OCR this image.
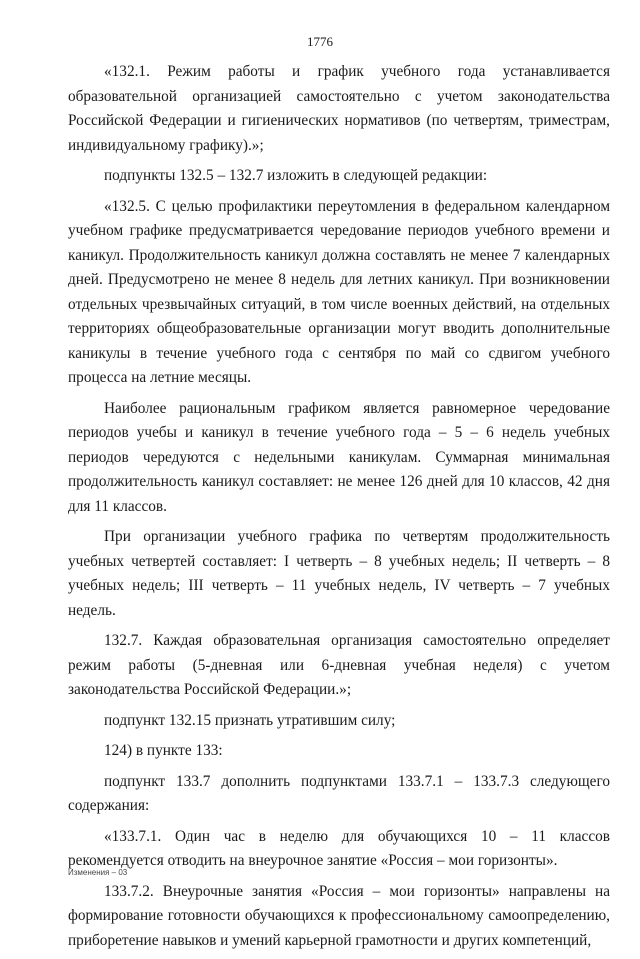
1776

«132.1. Режим работы и график учебного года устанавливается образовательной организацией самостоятельно с учетом законодательства Российской Федерации и гигиенических нормативов (по четвертям, триместрам, индивидуальному графику).»;

подпункты 132.5 – 132.7 изложить в следующей редакции:

«132.5. С целью профилактики переутомления в федеральном календарном учебном графике предусматривается чередование периодов учебного времени и каникул. Продолжительность каникул должна составлять не менее 7 календарных дней. Предусмотрено не менее 8 недель для летних каникул. При возникновении отдельных чрезвычайных ситуаций, в том числе военных действий, на отдельных территориях общеобразовательные организации могут вводить дополнительные каникулы в течение учебного года с сентября по май со сдвигом учебного процесса на летние месяцы.

Наиболее рациональным графиком является равномерное чередование периодов учебы и каникул в течение учебного года – 5 – 6 недель учебных периодов чередуются с недельными каникулам. Суммарная минимальная продолжительность каникул составляет: не менее 126 дней для 10 классов, 42 дня для 11 классов.

При организации учебного графика по четвертям продолжительность учебных четвертей составляет: I четверть – 8 учебных недель; II четверть – 8 учебных недель; III четверть – 11 учебных недель, IV четверть – 7 учебных недель.

132.7. Каждая образовательная организация самостоятельно определяет режим работы (5-дневная или 6-дневная учебная неделя) с учетом законодательства Российской Федерации.»;

подпункт 132.15 признать утратившим силу;

124) в пункте 133:

подпункт 133.7 дополнить подпунктами 133.7.1 – 133.7.3 следующего содержания:

«133.7.1. Один час в неделю для обучающихся 10 – 11 классов рекомендуется отводить на внеурочное занятие «Россия – мои горизонты».

133.7.2. Внеурочные занятия «Россия – мои горизонты» направлены на формирование готовности обучающихся к профессиональному самоопределению, приборетение навыков и умений карьерной грамотности и других компетенций,

Изменения – 03
